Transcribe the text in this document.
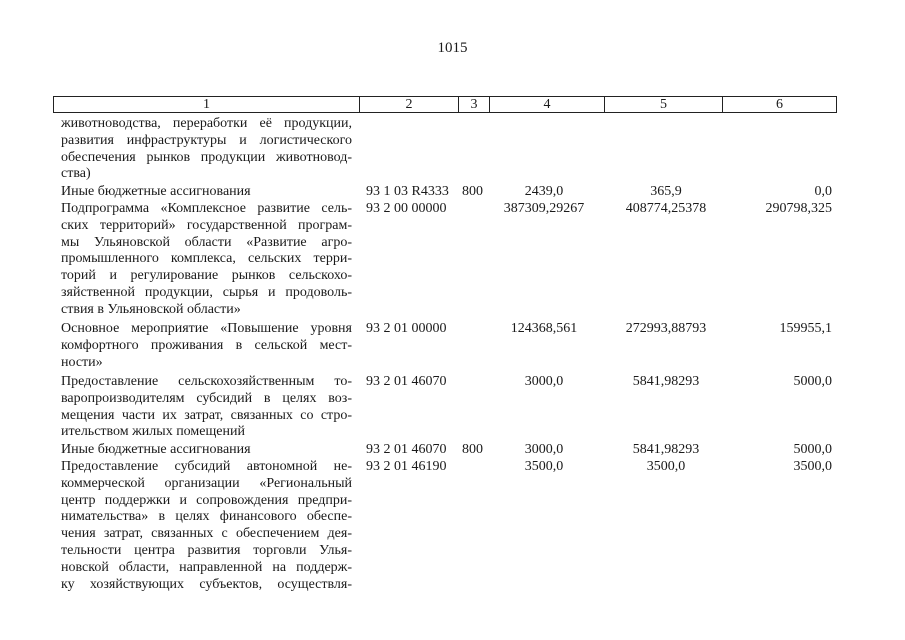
1015
1	2	3	4	5	6
животноводства, переработки её продукции,
развития инфраструктуры и логистического
обеспечения рынков продукции животновод-
ства)
Иные бюджетные ассигнования	93 1 03 R4333 800	2439,0	365,9	0,0
Подпрограмма «Комплексное развитие сель-
ских территорий» государственной програм-
мы Ульяновской области «Развитие агро-
промышленного комплекса, сельских терри-
торий и регулирование рынков сельскохо-
зяйственной продукции, сырья и продоволь-
ствия в Ульяновской области»
93 2 00 00000	387309,29267	408774,25378	290798,325
Основное мероприятие «Повышение уровня
комфортного проживания в сельской мест-
ности»
93 2 01 00000	124368,561	272993,88793	159955,1
Предоставление сельскохозяйственным то-
варопроизводителям субсидий в целях воз-
мещения части их затрат, связанных со стро-
ительством жилых помещений
93 2 01 46070	3000,0	5841,98293	5000,0
Иные бюджетные ассигнования	93 2 01 46070	800	3000,0	5841,98293	5000,0
Предоставление субсидий автономной не-
коммерческой организации «Региональный
центр поддержки и сопровождения предпри-
нимательства» в целях финансового обеспе-
чения затрат, связанных с обеспечением дея-
тельности центра развития торговли Улья-
новской области, направленной на поддерж-
ку хозяйствующих субъектов, осуществля-
93 2 01 46190	3500,0	3500,0	3500,0
